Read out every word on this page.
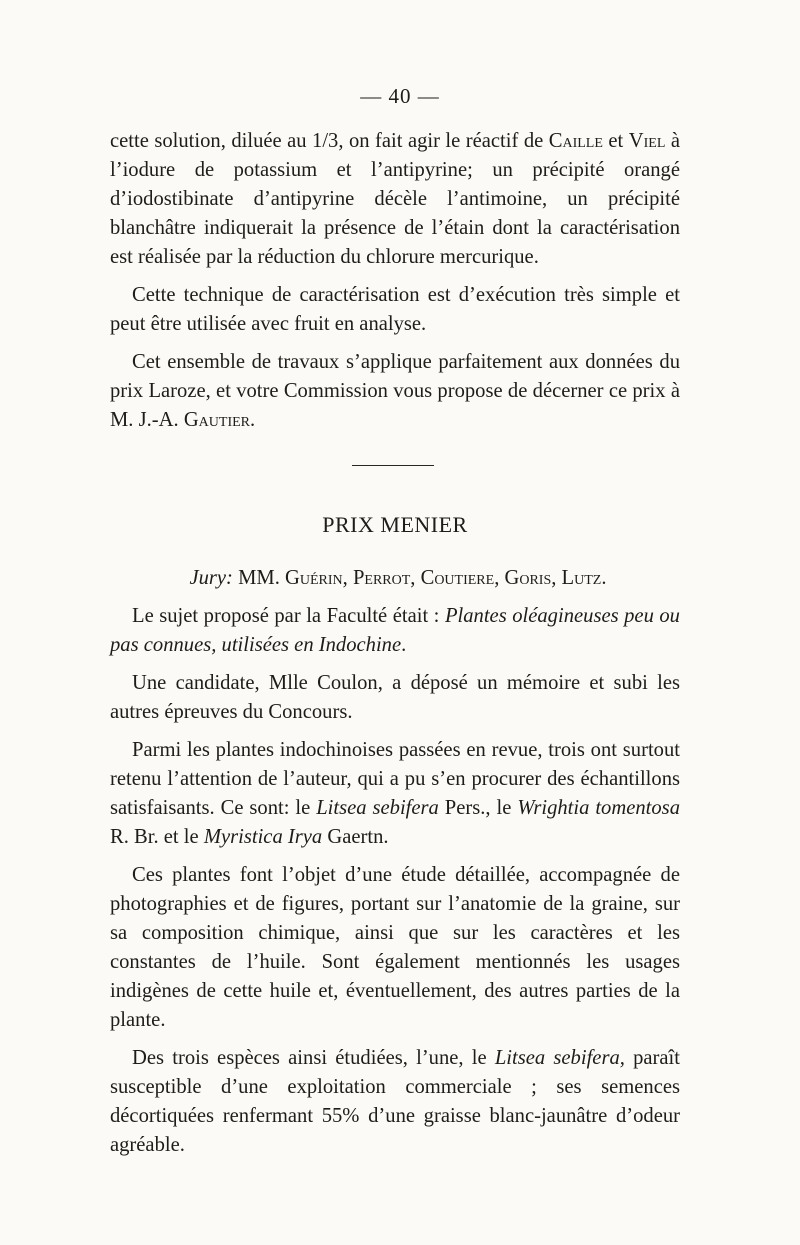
— 40 —

cette solution, diluée au 1/3, on fait agir le réactif de Caille et Viel à l’iodure de potassium et l’antipyrine; un précipité orangé d’iodostibinate d’antipyrine décèle l’antimoine, un précipité blanchâtre indiquerait la présence de l’étain dont la caractérisation est réalisée par la réduction du chlorure mercurique.

Cette technique de caractérisation est d’exécution très simple et peut être utilisée avec fruit en analyse.

Cet ensemble de travaux s’applique parfaitement aux données du prix Laroze, et votre Commission vous propose de décerner ce prix à M. J.-A. Gautier.

PRIX MENIER

Jury: MM. Guérin, Perrot, Coutiere, Goris, Lutz.

Le sujet proposé par la Faculté était : Plantes oléagineuses peu ou pas connues, utilisées en Indochine.

Une candidate, Mlle Coulon, a déposé un mémoire et subi les autres épreuves du Concours.

Parmi les plantes indochinoises passées en revue, trois ont surtout retenu l’attention de l’auteur, qui a pu s’en procurer des échantillons satisfaisants. Ce sont: le Litsea sebifera Pers., le Wrightia tomentosa R. Br. et le Myristica Irya Gaertn.

Ces plantes font l’objet d’une étude détaillée, accompagnée de photographies et de figures, portant sur l’anatomie de la graine, sur sa composition chimique, ainsi que sur les caractères et les constantes de l’huile. Sont également mentionnés les usages indigènes de cette huile et, éventuellement, des autres parties de la plante.

Des trois espèces ainsi étudiées, l’une, le Litsea sebifera, paraît susceptible d’une exploitation commerciale ; ses semences décortiquées renfermant 55% d’une graisse blanc-jaunâtre d’odeur agréable.
